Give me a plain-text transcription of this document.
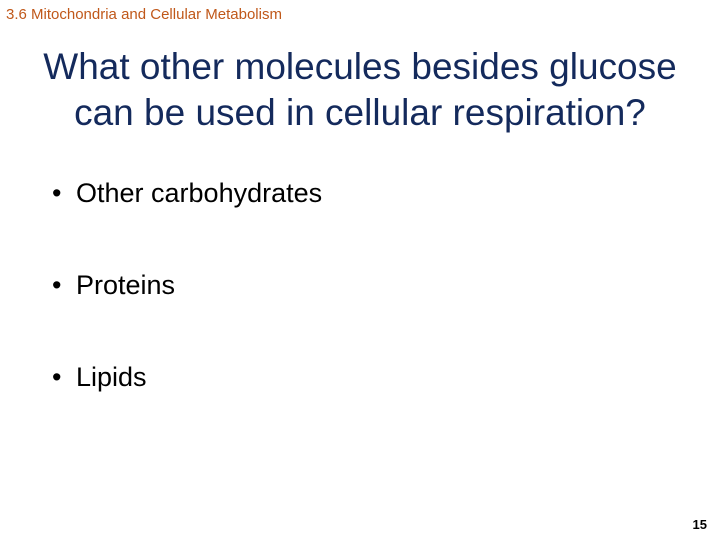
3.6 Mitochondria and Cellular Metabolism
What other molecules besides glucose
can be used in cellular respiration?
• Other carbohydrates
• Proteins
• Lipids
15
